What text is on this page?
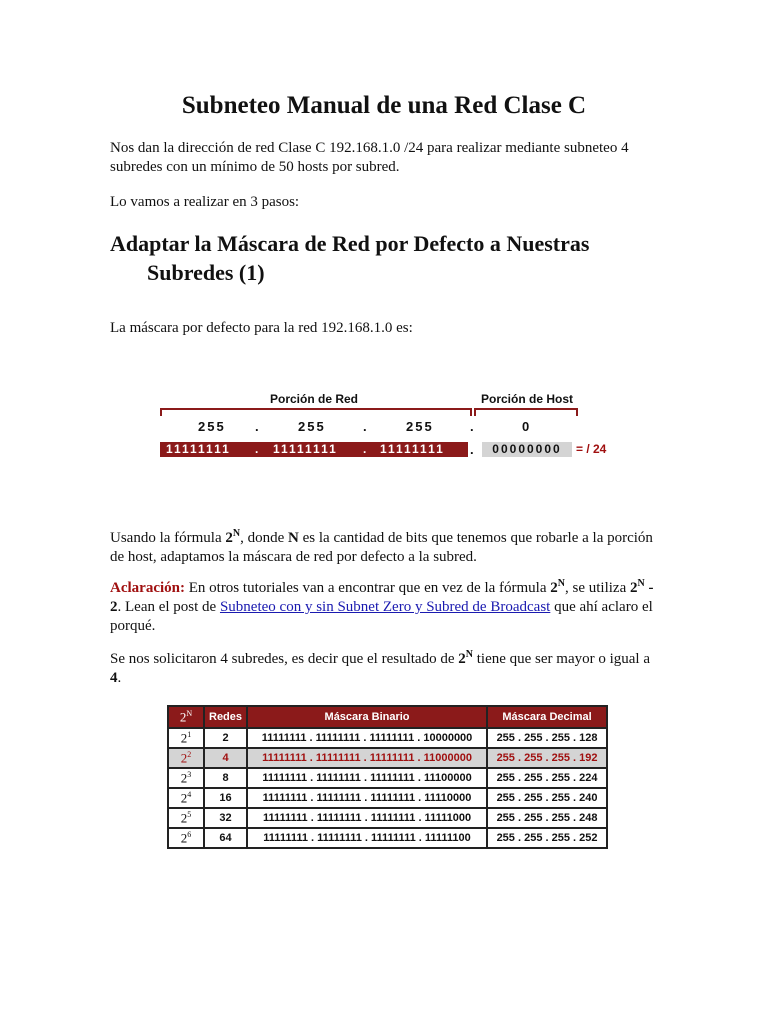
Subneteo Manual de una Red Clase C

Nos dan la dirección de red Clase C 192.168.1.0 /24 para realizar mediante subneteo 4 subredes con un mínimo de 50 hosts por subred.

Lo vamos a realizar en 3 pasos:

Adaptar la Máscara de Red por Defecto a Nuestras
Subredes (1)

La máscara por defecto para la red 192.168.1.0 es:

Porción de Red	Porción de Host
255 .	255	.	255	.	0
11111111 . 11111111 . 11111111 .	00000000	= / 24

Usando la fórmula $2^N$, donde N es la cantidad de bits que tenemos que robarle a la porción de host, adaptamos la máscara de red por defecto a la subred.

Aclaración: En otros tutoriales van a encontrar que en vez de la fórmula $2^N$, se utiliza $2^N - 2$. Lean el post de Subneteo con y sin Subnet Zero y Subred de Broadcast que ahí aclaro el porqué.

Se nos solicitaron 4 subredes, es decir que el resultado de $2^N$ tiene que ser mayor o igual a 4.

$2^N$	Redes	Máscara Binario	Máscara Decimal
$2^1$	2	11111111 . 11111111 . 11111111 . 10000000	255 . 255 . 255 . 128
$2^2$	4	11111111 . 11111111 . 11111111 . 11000000	255 . 255 . 255 . 192
$2^3$	8	11111111 . 11111111 . 11111111 . 11100000	255 . 255 . 255 . 224
$2^4$	16	11111111 . 11111111 . 11111111 . 11110000	255 . 255 . 255 . 240
$2^5$	32	11111111 . 11111111 . 11111111 . 11111000	255 . 255 . 255 . 248
$2^6$	64	11111111 . 11111111 . 11111111 . 11111100	255 . 255 . 255 . 252
